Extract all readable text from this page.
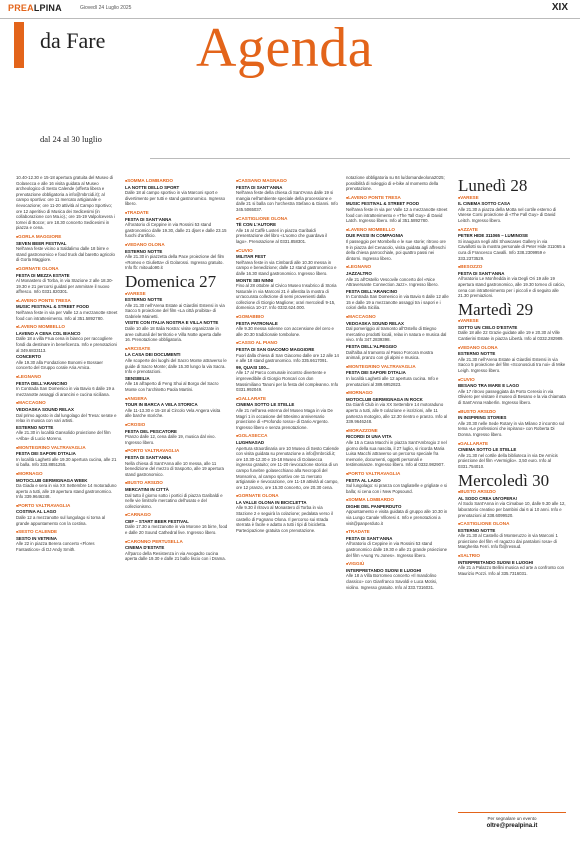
PREALPINA	Giovedì 24 Luglio 2025	XIX
da Fare Agenda
dal 24 al 30 luglio

10.40-12.30 e 15-18 apertura gratuita del Museo di Golasecca e alle 16 visita guidata al Museo archeologico di Sesto Calende (offerta libera e prenotazione obbligatoria a info@mbrcidi.it); al campo sportivo: ore 11 mercato artigianale e rievocazione; ore 11-20 attività al Campo Sportivo; ore 12 aperitivo di Musica dei Sedicesimi (in collaborazione con Ma.io).; ore 15-19 Valpolcevera i tornei di Bocce; ore 18.30 concerto Sedicesimi in piazza e cena.

■ GORLA MAGGIORE
SEVEN BEER FESTIVAL

Nell'area feste vicino a Saldalimo dalle 18 birre e stand gastronomico e food truck dal baretto agricolo di Gorla Maggiore.

■ GORNATE OLONA
FESTA DI MEZZA ESTATE

Al Monastero di Torba, in via Stazione 2 alle 18.30-19.30 e 21 percorsi guidati per ammirare il nuovo affresco. Info 0331.820301.

■ LAVENO PONTE TRESA
MUSIC FESTIVAL & STREET FOOD

Nell'area feste in via per Valle 12 a mezzanotte street food con intrattenimento. Info al 351.5892780.

■ LAVENO MOMBELLO
LAVENO A CENA COL BIANCO

Dalle 18 a villa Frua cena in bianco per raccogliere fondi da destinare in beneficenza. Info e prenotazioni al 349.6833113.

CONCERTO

Alle 19.30 alla Fondazione Bonomi e Bossaer concerto del Gruppo corale Aria Amica.

■ LEGNANO
FESTA DELL'ARANCINO

In Contrada San Domenico in via Bavio 6 dalle 19 a mezzanotte assaggi di arancini e cucina siciliana.

■ MACCAGNO
VEDOASKA SOUND RELAX

Dal primo agosto in dal lungolago del Tresa: serate e relax in musica con vari artisti.

ESTERNO NOTTE

Alle 21.30 in località Gansolido proiezione del film «Alba» di Lucio Moreno.

■ MONTEGRINO VALTRAVAGLIA
FESTA DEI SAPORI D'ITALIA

In località Laghetti alle 19.30 apertura cucina, alle 21 si balla. Info 333.8851255.

■ MORNAGO
MOTOCLUB GERMIGNAGA WEEK

Da Giada e sera in via XX Settembre 14 motoraduno aperto a tutti, alle 19 apertura stand gastronomico. Info 339.9646248.

■ PORTO VALTRAVAGLIA
COSTINA AL LAGO

Dalle 12 a mezzanotte sul lungolago si torna al grande appuntamento con la costina.

■ SESTO CALENDE
SESTO IN VETRINA

Alle 22 in piazza Berera concerto «Flores Fantasticos» di DJ Andy Smith.

■ SOMMA LOMBARDO
LA NOTTE DELLO SPORT

Dalle 18 al campo sportivo in via Marconi sport e divertimento per tutti e stand gastronomico. Ingresso libero.

■ TRADATE
FESTA DI SANT'ANNA

All'oratorio di Ceppine in via Rossini 53 stand gastronomico dalle 19.30, dalle 21 djset e dalle 23.15 fuochi d'artificio.

■ VEDANO OLONA
ESTERNO NOTTE

Alle 21.30 in piazzetta della Pace proiezione del film «Romeo e Giulietta» di Golarossi. Ingresso gratuito. Info fb: mitoudo90.it

Domenica 27
■ VARESE
ESTERNO NOTTE

Alle 21.30 nell'Arena Estate ai Giardini Estensi in via Sacco 5 proiezione del film «La città proibita» di Gabriele Mainetti.

VISITE CON ITALIA NOSTRA E VILLA NOTTE

Dalle 10 alle 18 Italia Nostra: visite organizzate in aree culturali del territorio e Villa Notte aperta dalle 16. Prenotazione obbligatoria.

■ ARCISATE
LA CASA DEI DOCUMENTI

Alle scoperte dei luoghi del Sacro Monte attraverso le guide di Sacro Monte; dalle 15.30 lungo la via Sacra. Info e prenotazioni.

SENSIBILIA

Alle 16 all'aperto di Feng Shui al Borgo del Sacro Monte con l'architetto Paola Martini.

■ ANGERA
TOUR IN BARCA A VELA STORICA

Alle 11-13.30 e 15-18 al Circolo Vela Angera visita alle barche storiche.

■ CROSIO
FESTA DEL PESCATORE

Pranzo dalle 12, cena dalle 19, musica dal vivo. Ingresso libero.

■ PORTO VALTRAVAGLIA
FESTA DI SANT'ANNA

Nella chiesa di Sant'Anna alle 10 messa, alle 11 benedizione del mezzo di trasporto, alle 19 apertura stand gastronomico.

■ BUSTO ARSIZIO
MERCATINI IN CITTÀ

Dal tutto il giorno sotto i portici di piazza Garibaldi e nelle vie limitrofe mercatino dell'usato e del collezionismo.

■ CARNAGO
CBF – START BEER FESTIVAL

Dalle 17.30 a mezzanotte in via Morone 16 birre, food e dalle 20 Sound Cathedral live. Ingresso libero.

■ CARONNO PERTUSELLA
CINEMA D'ESTATE

All'parco della Resistenza in via Avogadro cucina aperta dalle 19.30 e dalle 21 ballo liscio con i Drama.

■ CASSANO MAGNAGO
FESTA DI SANT'ANNA

Nell'area feste della chiesa di Sant'Anna dalle 19 si mangia nell'ambiente speciale della processione e dalle 21 si balla con l'orchestra Stefano & Gianni. Info 345.5065037.

■ CASTIGLIONE OLONA
TÈ CON L'AUTORE

Alle 16 al Caffè Lusteri in piazza Garibaldi presentazione del libro «L'uomo che guardava il lago». Prenotazione al 0331.858301.

■ CUVIO
MILITAR FEST

Nell'area feste in via Cimbardi alle 10.30 messa in campo e benedizione; dalle 12 stand gastronomico e dalle 16.30 stand gastronomico. Ingresso libero.

MONTE SEI NINNI

Fino al 28 ottobre al Civico Museo Insubrico di Storia Naturale in via Marconi 21 è allestita la mostra di un'accurata collezione di semi provenienti dalla collezione di Giorgio Maglione; orari mercoledì 9-15, domenica 10-17. Info 0332.624.000.

■ GOMABBIO
FESTA PATRONALE

Alle 9.30 messa solenne con accensione del cero e alle 20.30 tradizionale tombolone.

■ CASSO AL PIANO
FESTA DI SAN GIACOMO MAGGIORE

Fuori dalla chiesa di San Giacomo dalle ore 12 alle 14 e alle 18 stand gastronomico. Info 335.6617091.

99, QUASI 100...

Alle 17 al Parco comunale incontro divertente e imprevedibile di Giorgio Roncari con don Massimiliano Tanoni per la festa del compleanno. Info 0331.992049.

■ GALLARATE
CINEMA SOTTO LE STELLE

Alle 21 nell'area esterna del Museo Maga in via De Magri 1 in occasione del 50esimo anniversario proiezione di «Profondo rosso» di Dario Argento. Ingresso libero e senza prenotazione.

■ GOLASECCA
LUGHNASAD

Apertura straordinaria ore 10 Museo di Sesto Calende con visita guidata su prenotazione a info@mbrcidi.it; ore 10.30-12.30 e 15-18 Museo di Golasecca ingresso gratuito; ore 11-20 rievocazione storica di un campo funebre golasecchiano alla Necropoli del Monsorino, al campo sportivo ore 11 mercato artigianale e rievocazione, ore 11-19 attività al campo, ore 12 pranzo, ore 15.30 concerto, ore 20.30 cena.

■ GORNATE OLONA
LA VALLE OLONA IN BICICLETTA

Alle 9.30 il ritrovo al Monastero di Torba in via Stazione 2 e seguirà la colazione; pedalata verso il castello di Fagnano Olona. Il percorso sui strada sterrata è facile e adatto a tutti i tipi di bicicletta. Partecipazione gratuita con prenotazione.

notazione obbligatoria su 84 lu/domandeolona2025; possibilità di noleggio di e-bike al momento della prenotazione.

■ LAVENO PONTE TRESA
MUSIC FESTIVAL & STREET FOOD

Nell'area feste in via per Valle 12 a mezzanotte street food con intrattenimento e «The Tall Guy» di David Latch. Ingresso libero. Info al 351.5892780.

■ LAVENO MOMBELLO
DUE PASSI IN COMPAGNIA

Il passeggio per Mombello e le sue storie; ritrovo ore 9 in piazza del Cenacolo, visita guidata agli affreschi della chiesa parrocchiale, poi quattro passi nei dintorni. Ingresso libero.

■ LEGNANO
JAZZALTRO

Alle 21 all'Ostello Vescovile concerto del «Nice Attraversante Connection Jazz». Ingresso libero.

FESTA DELL'ARANCINO

In Contrada San Domenico in via Bavio 6 dalle 12 alle 15 e dalle 19 a mezzanotte assaggi tra i sapori e i colori della Sicilia.

■ MACCAGNO
VEDOASKA SOUND RELAX

Dal pomeriggio al tramonto all'Ostello di Biegno mercatino prodotti locali, relax in natura e musica dal vivo. Info 347.2839398.

FESTA DELL'ALPEGGIO

Dall'alba al tramonto al Passo Forcora mostra animali, pranzo con gli alpini e musica.

■ MONTEGRINO VALTRAVAGLIA
FESTA DEI SAPORI D'ITALIA

In località Laghetti alle 12 apertura cucina. Info e prenotazioni al 389.6952823.

■ MORNAGO
MOTOCLUB GERMIGNAGA IN ROCK

Da Gianfi Club in via XX Settembre 14 motoraduno aperto a tutti, alle 9 colazione e iscrizioni, alle 11 partenza motogiro, alle 12.30 rientro e pranzo. Info al 339.9646248.

■ MORAZZONE
RICORDI DI UNA VITA

Alle 15 a Casa Macchi in piazza Sant'Ambrogio 2 nel giorno della sua nascita, il 27 luglio, si ricorda Maria Luisa Macchi attraverso un percorso speciale fra memorie, documenti, oggetti personali e testimonianze. Ingresso libero. Info al 0332.982907.

■ PORTO VALTRAVAGLIA
FESTA AL LAGO

Sul lungolago: si pranza con tagliatelle e grigliate e si balla; si cena con i New Popsound.

■ SOMMA LOMBARDO
DIGHE DEL PANPERDUTO

Appuntamento e visita guidata di gruppo alle 10.30 in via Lungo Canale Villoresi 4. Info e prenotazioni a visit@panperduto.it

■ TRADATE
FESTA DI SANT'ANNA

All'oratorio di Ceppine in via Rossini 53 stand gastronomico dalle 19.30 e alle 21 grande proiezione del film «Aung Yu Jones». Ingresso libero.

■ VIGGIÙ
INTERPRETANDO SUONI E LUOGHI

Alle 18 a Villa Borromeo concerto «Il mandolino classico» con Gianfranco Savoldi e Luca Motisi, violino. Ingresso gratuito. Info al 333.7316031.

Lunedì 28
■ VARESE
IL CINEMA SOTTO CASA

Alle 21.30 a piazza della Motta nel cortile esterno di Varese Corsi proiezione di «The Fall Guy» di David Leitch. Ingresso libero.

■ AZZATE
PETER HIDE 311065 – LUMINOSE

Si inaugura negli altri Showcases Gallery in via Cavallotti su la mostra personale di Peter Hide 311065 a cura di Francesco Cavalli. Info 338.2309959 e 333.2373529.

■ BESOZZO
FESTA DI SANT'ANNA

All'oratorio Le Monfredda in via Degli Ori 19 alle 19 apertura stand gastronomico, alle 19.30 torneo di calcio, cena con intrattenimento per i piccoli e di seguito alle 21.30 premiazioni.

Martedì 29
■ VARESE
SOTTO UN CIELO D'ESTATE

Dalle 18 alle 22 Grazie guidate alle 19 e 20.30 al Ville Cantierini Estate in piazza Libertà. Info al 0332.282989.

■ VEDANO OLONA
ESTERNO NOTTE

Alle 21.30 nell'Arena Estate ai Giardini Estensi in via Sacco 5 proiezione del film «Sconosciuti tra noi» di Mike Leigh. Ingresso libero.

■ CUVIO
BESANO TRA MARE E LAGO

Alle 17 ritrovo passeggiata da Porto Ceresio in via Oliviero per visitare il museo di Besano e la via chiamata di Sant'Anna Haberlin. Ingresso libero.

■ BUSTO ARSIZIO
IN INSPIRING STORIES

Alle 20.30 nelle Sede Rotary in via Milano 2 incontro sul tema «Le professioni che ispirano» con Roberta Di Donna. Ingresso libero.

■ GALLARATE
CINEMA SOTTO LE STELLE

Alle 21.30 nel cortile della biblioteca in via De Amicis proiezione del film «Vermiglio». 3,50 euro. Info al 0331.754010.

Mercoledì 30
■ BUSTO ARSIZIO
AL SODO CREA UN'OPERA!

Al Sodo Sant'Anna in via Cimabue 10, dalle 9.30 alle 12, laboratorio creativo per bambini dai 6 ai 10 anni. Info e prenotazioni al 338.6099520.

■ CASTIGLIONE OLONA
ESTERNO NOTTE

Alle 21.30 al Castello di Monteruzzo in via Marconi 1 proiezione del film «Il ragazzo dai pantaloni rosa» di Margherita Ferri. Info fb@ressud.

■ SALTRIO
INTERPRETANDO SUONI E LUOGHI

Alle 21 a Palazzo Bellini musica ed arte a confronto con Maurizio Pozzi. Info al 335.7316031.

Per segnalare un evento
oltre@prealpina.it
